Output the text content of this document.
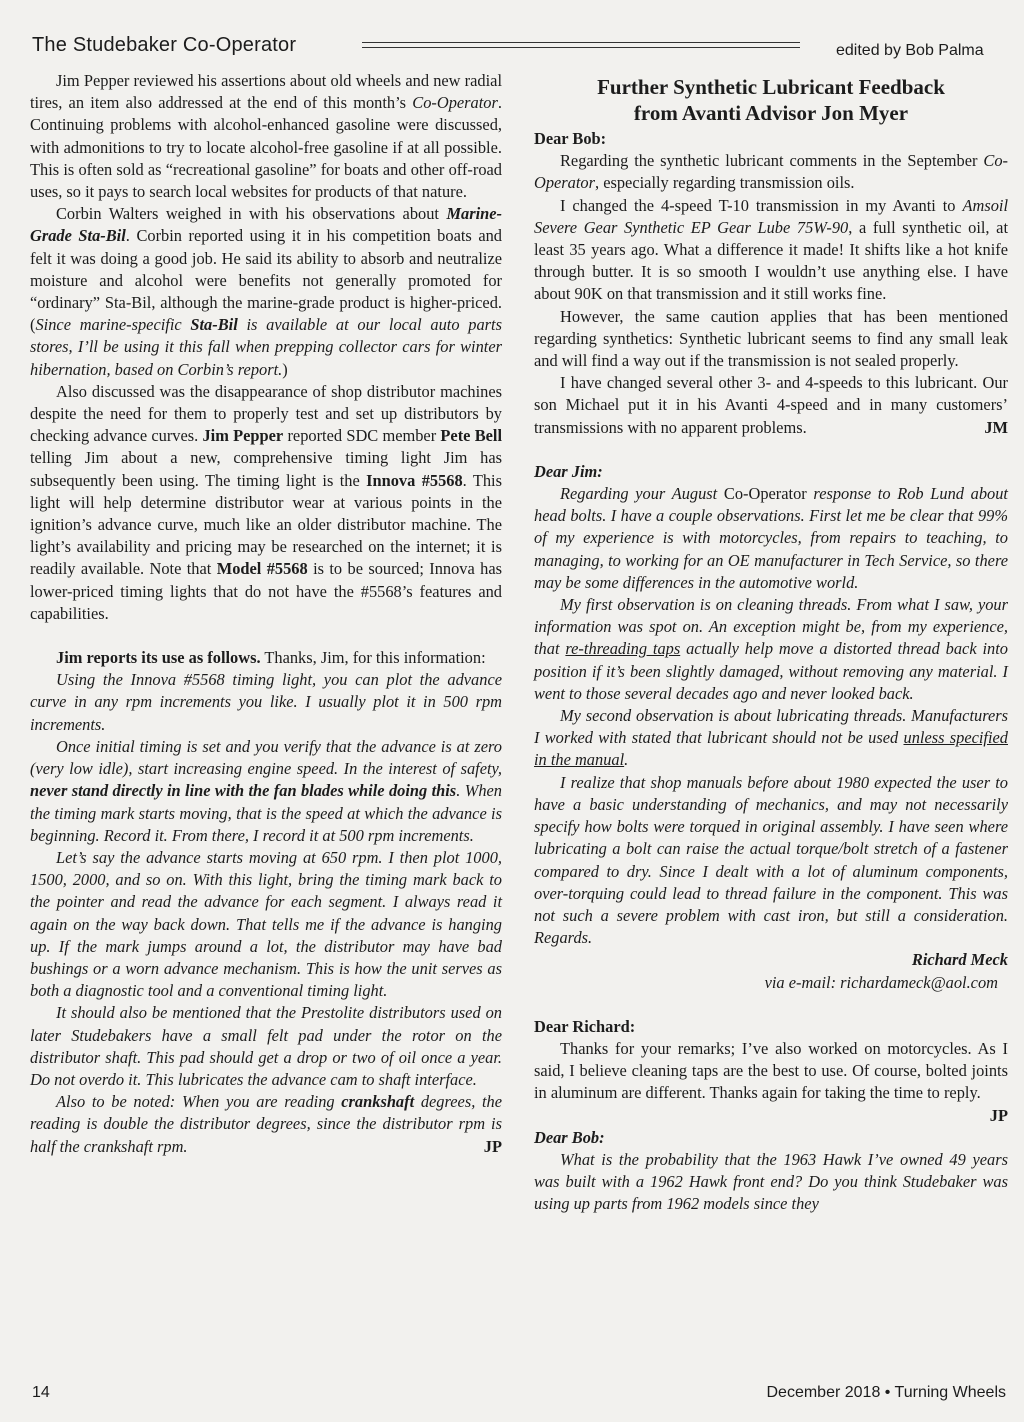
The Studebaker Co-Operator	edited by Bob Palma

Jim Pepper reviewed his assertions about old wheels and new radial tires, an item also addressed at the end of this month’s Co-Operator. Continuing problems with alcohol-enhanced gasoline were discussed, with admonitions to try to locate alcohol-free gasoline if at all possible. This is often sold as “recreational gasoline” for boats and other off-road uses, so it pays to search local websites for products of that nature.

Corbin Walters weighed in with his observations about Marine-Grade Sta-Bil. Corbin reported using it in his competition boats and felt it was doing a good job. He said its ability to absorb and neutralize moisture and alcohol were benefits not generally promoted for “ordinary” Sta-Bil, although the marine-grade product is higher-priced. (Since marine-specific Sta-Bil is available at our local auto parts stores, I’ll be using it this fall when prepping collector cars for winter hibernation, based on Corbin’s report.)

Also discussed was the disappearance of shop distributor machines despite the need for them to properly test and set up distributors by checking advance curves. Jim Pepper reported SDC member Pete Bell telling Jim about a new, comprehensive timing light Jim has subsequently been using. The timing light is the Innova #5568. This light will help determine distributor wear at various points in the ignition’s advance curve, much like an older distributor machine. The light’s availability and pricing may be researched on the internet; it is readily available. Note that Model #5568 is to be sourced; Innova has lower-priced timing lights that do not have the #5568’s features and capabilities.

Jim reports its use as follows. Thanks, Jim, for this information:

Using the Innova #5568 timing light, you can plot the advance curve in any rpm increments you like. I usually plot it in 500 rpm increments.

Once initial timing is set and you verify that the advance is at zero (very low idle), start increasing engine speed. In the interest of safety, never stand directly in line with the fan blades while doing this. When the timing mark starts moving, that is the speed at which the advance is beginning. Record it. From there, I record it at 500 rpm increments.

Let’s say the advance starts moving at 650 rpm. I then plot 1000, 1500, 2000, and so on. With this light, bring the timing mark back to the pointer and read the advance for each segment. I always read it again on the way back down. That tells me if the advance is hanging up. If the mark jumps around a lot, the distributor may have bad bushings or a worn advance mechanism. This is how the unit serves as both a diagnostic tool and a conventional timing light.

It should also be mentioned that the Prestolite distributors used on later Studebakers have a small felt pad under the rotor on the distributor shaft. This pad should get a drop or two of oil once a year. Do not overdo it. This lubricates the advance cam to shaft interface.

Also to be noted: When you are reading crankshaft degrees, the reading is double the distributor degrees, since the distributor rpm is half the crankshaft rpm.	JP

Further Synthetic Lubricant Feedback
from Avanti Advisor Jon Myer

Dear Bob:

Regarding the synthetic lubricant comments in the September Co-Operator, especially regarding transmission oils.

I changed the 4-speed T-10 transmission in my Avanti to Amsoil Severe Gear Synthetic EP Gear Lube 75W-90, a full synthetic oil, at least 35 years ago. What a difference it made! It shifts like a hot knife through butter. It is so smooth I wouldn’t use anything else. I have about 90K on that transmission and it still works fine.

However, the same caution applies that has been mentioned regarding synthetics: Synthetic lubricant seems to find any small leak and will find a way out if the transmission is not sealed properly.

I have changed several other 3- and 4-speeds to this lubricant. Our son Michael put it in his Avanti 4-speed and in many customers’ transmissions with no apparent problems.	JM

Dear Jim:

Regarding your August Co-Operator response to Rob Lund about head bolts. I have a couple observations. First let me be clear that 99% of my experience is with motorcycles, from repairs to teaching, to managing, to working for an OE manufacturer in Tech Service, so there may be some differences in the automotive world.

My first observation is on cleaning threads. From what I saw, your information was spot on. An exception might be, from my experience, that re-threading taps actually help move a distorted thread back into position if it’s been slightly damaged, without removing any material. I went to those several decades ago and never looked back.

My second observation is about lubricating threads. Manufacturers I worked with stated that lubricant should not be used unless specified in the manual.

I realize that shop manuals before about 1980 expected the user to have a basic understanding of mechanics, and may not necessarily specify how bolts were torqued in original assembly. I have seen where lubricating a bolt can raise the actual torque/bolt stretch of a fastener compared to dry. Since I dealt with a lot of aluminum components, over-torquing could lead to thread failure in the component. This was not such a severe problem with cast iron, but still a consideration. Regards.

Richard Meck

via e-mail: richardameck@aol.com

Dear Richard:

Thanks for your remarks; I’ve also worked on motorcycles. As I said, I believe cleaning taps are the best to use. Of course, bolted joints in aluminum are different. Thanks again for taking the time to reply.
JP

Dear Bob:

What is the probability that the 1963 Hawk I’ve owned 49 years was built with a 1962 Hawk front end? Do you think Studebaker was using up parts from 1962 models since they

14	December 2018 • Turning Wheels
